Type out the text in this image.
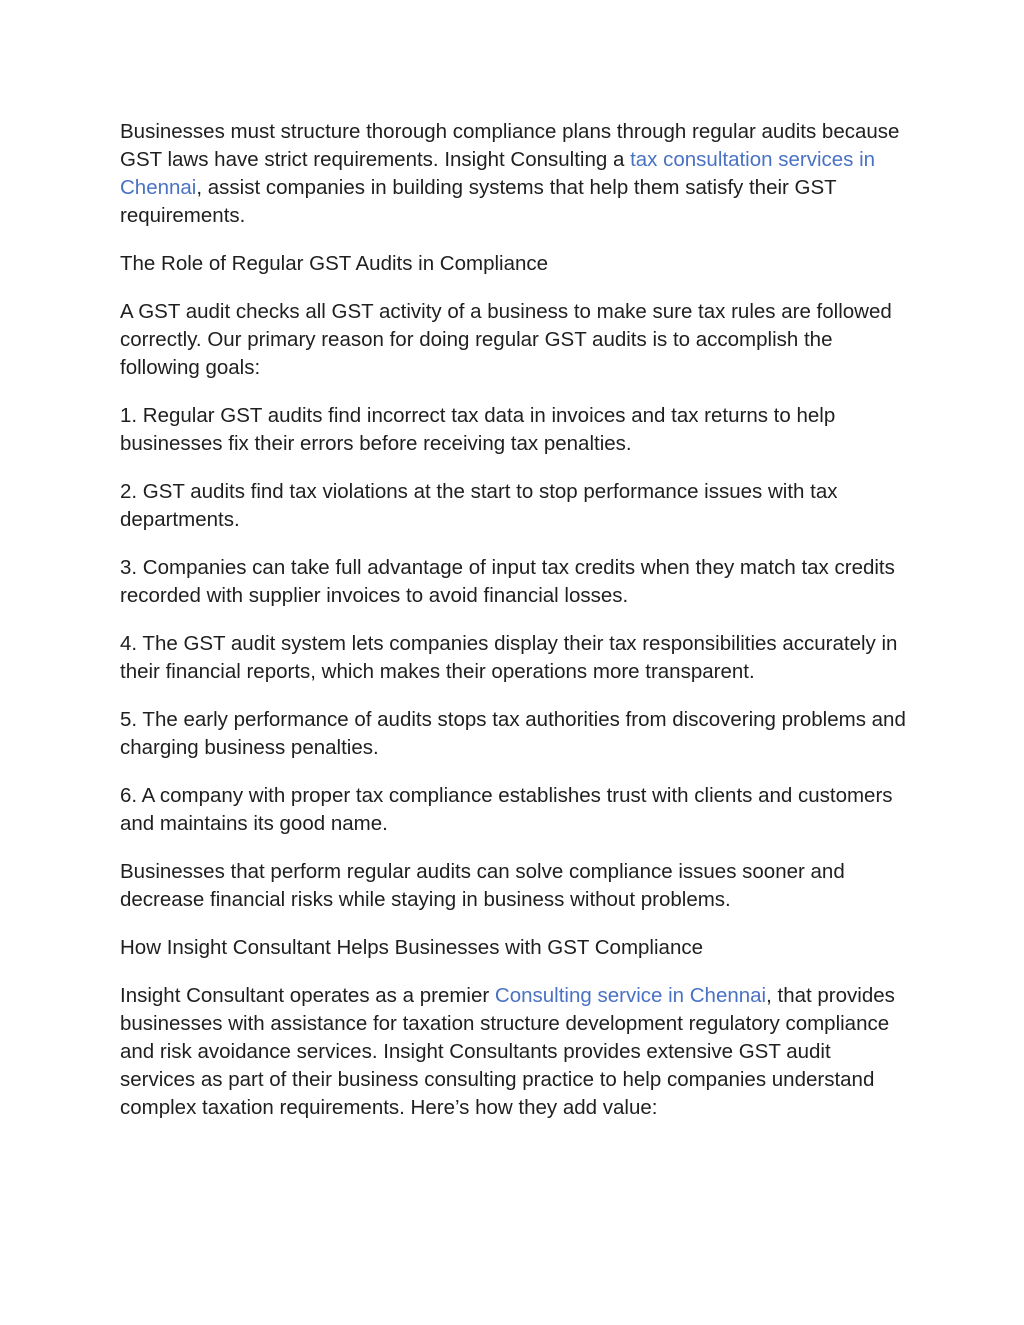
Businesses must structure thorough compliance plans through regular audits because GST laws have strict requirements. Insight Consulting a tax consultation services in Chennai, assist companies in building systems that help them satisfy their GST requirements.

The Role of Regular GST Audits in Compliance

A GST audit checks all GST activity of a business to make sure tax rules are followed correctly. Our primary reason for doing regular GST audits is to accomplish the following goals:

1. Regular GST audits find incorrect tax data in invoices and tax returns to help businesses fix their errors before receiving tax penalties.

2. GST audits find tax violations at the start to stop performance issues with tax departments.

3. Companies can take full advantage of input tax credits when they match tax credits recorded with supplier invoices to avoid financial losses.

4. The GST audit system lets companies display their tax responsibilities accurately in their financial reports, which makes their operations more transparent.

5. The early performance of audits stops tax authorities from discovering problems and charging business penalties.

6. A company with proper tax compliance establishes trust with clients and customers and maintains its good name.

Businesses that perform regular audits can solve compliance issues sooner and decrease financial risks while staying in business without problems.

How Insight Consultant Helps Businesses with GST Compliance

Insight Consultant operates as a premier Consulting service in Chennai, that provides businesses with assistance for taxation structure development regulatory compliance and risk avoidance services. Insight Consultants provides extensive GST audit services as part of their business consulting practice to help companies understand complex taxation requirements. Here’s how they add value:
